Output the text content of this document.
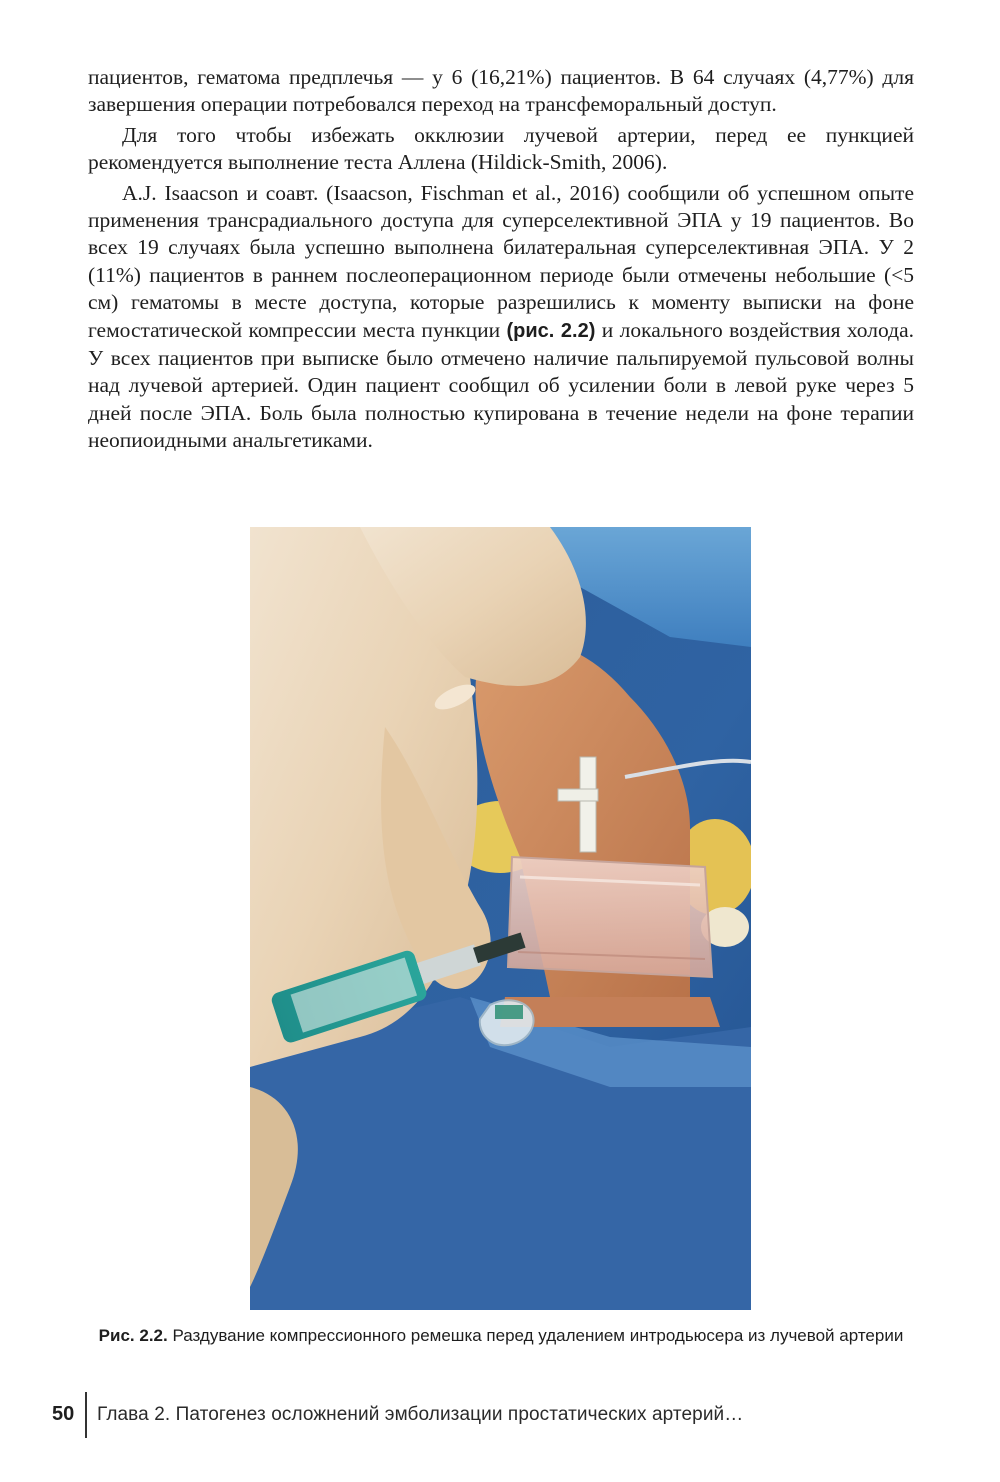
пациентов, гематома предплечья — у 6 (16,21%) пациентов. В 64 случаях (4,77%) для завершения операции потребовался переход на трансфеморальный доступ.

Для того чтобы избежать окклюзии лучевой артерии, перед ее пункцией рекомендуется выполнение теста Аллена (Hildick-Smith, 2006).

A.J. Isaacson и соавт. (Isaacson, Fischman et al., 2016) сообщили об успешном опыте применения трансрадиального доступа для суперселективной ЭПА у 19 пациентов. Во всех 19 случаях была успешно выполнена билатеральная суперселективная ЭПА. У 2 (11%) пациентов в раннем послеоперационном периоде были отмечены небольшие (<5 см) гематомы в месте доступа, которые разрешились к моменту выписки на фоне гемостатической компрессии места пункции (рис. 2.2) и локального воздействия холода. У всех пациентов при выписке было отмечено наличие пальпируемой пульсовой волны над лучевой артерией. Один пациент сообщил об усилении боли в левой руке через 5 дней после ЭПА. Боль была полностью купирована в течение недели на фоне терапии неопиоидными анальгетиками.

Рис. 2.2. Раздувание компрессионного ремешка перед удалением интродьюсера из лучевой артерии
50 Глава 2. Патогенез осложнений эмболизации простатических артерий…
